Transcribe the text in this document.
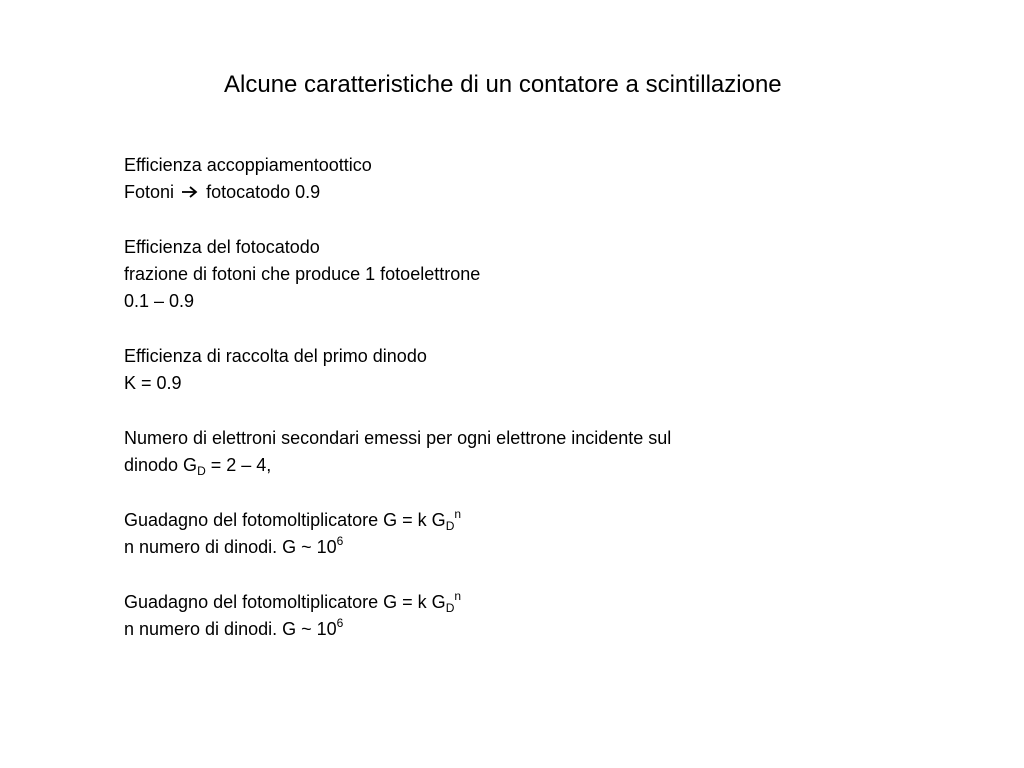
Alcune caratteristiche di un contatore a scintillazione
Efficienza accoppiamentoottico
Fotoni fotocatodo 0.9
Efficienza del fotocatodo
frazione di fotoni che produce 1 fotoelettrone
0.1 – 0.9
Efficienza di raccolta del primo dinodo
K = 0.9
Numero di elettroni secondari emessi per ogni elettrone incidente sul
dinodo $G_D = 2 - 4$,
Guadagno del fotomoltiplicatore G = k $G_D^n$
n numero di dinodi. G ~ $10^6$
Guadagno del fotomoltiplicatore G = k $G_D^n$
n numero di dinodi. G ~ $10^6$
